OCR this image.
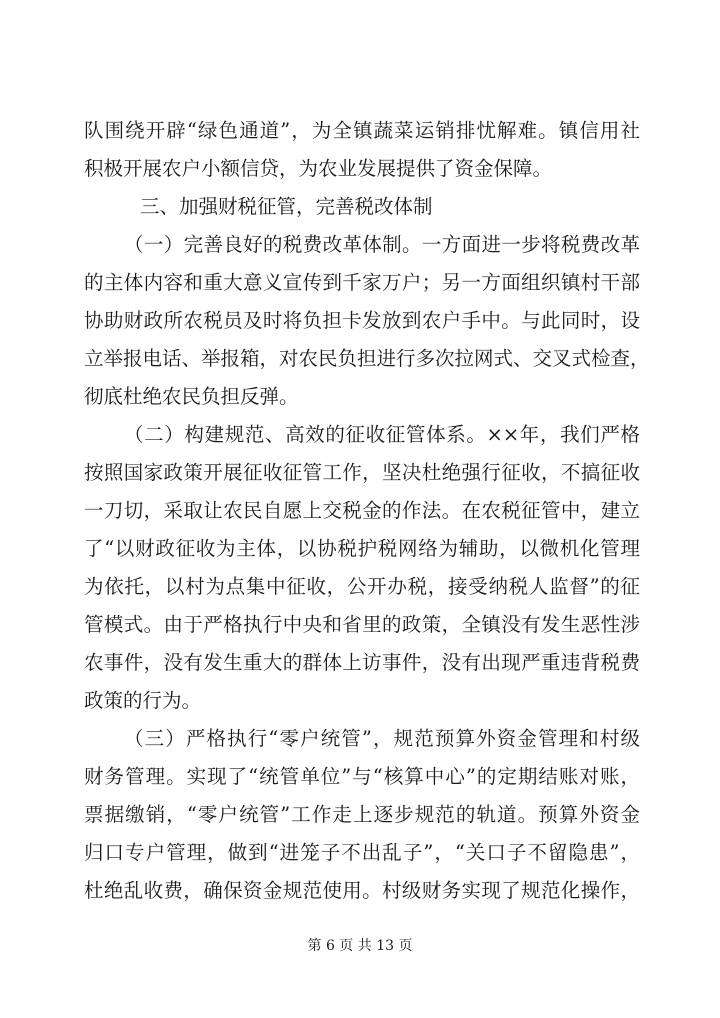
队围绕开辟“绿色通道”，为全镇蔬菜运销排忧解难。镇信用社
积极开展农户小额信贷，为农业发展提供了资金保障。
三、加强财税征管，完善税改体制
（一）完善良好的税费改革体制。一方面进一步将税费改革
的主体内容和重大意义宣传到千家万户；另一方面组织镇村干部
协助财政所农税员及时将负担卡发放到农户手中。与此同时，设
立举报电话、举报箱，对农民负担进行多次拉网式、交叉式检查，
彻底杜绝农民负担反弹。
（二）构建规范、高效的征收征管体系。××年，我们严格
按照国家政策开展征收征管工作，坚决杜绝强行征收，不搞征收
一刀切，采取让农民自愿上交税金的作法。在农税征管中，建立
了“以财政征收为主体，以协税护税网络为辅助，以微机化管理
为依托，以村为点集中征收，公开办税，接受纳税人监督”的征
管模式。由于严格执行中央和省里的政策，全镇没有发生恶性涉
农事件，没有发生重大的群体上访事件，没有出现严重违背税费
政策的行为。
（三）严格执行“零户统管”，规范预算外资金管理和村级
财务管理。实现了“统管单位”与“核算中心”的定期结账对账，
票据缴销，“零户统管”工作走上逐步规范的轨道。预算外资金
归口专户管理，做到“进笼子不出乱子”，“关口子不留隐患”，
杜绝乱收费，确保资金规范使用。村级财务实现了规范化操作，
第 6 页 共 13 页
